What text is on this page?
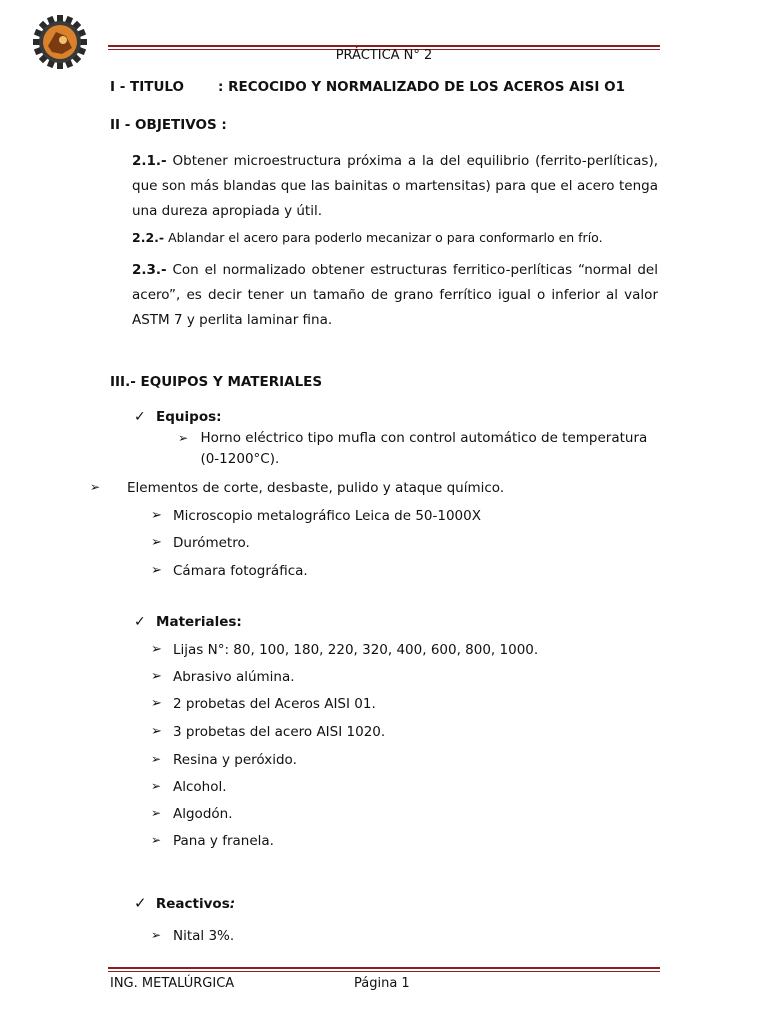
PRÁCTICA N° 2
I - TITULO	: RECOCIDO Y NORMALIZADO DE LOS ACEROS AISI O1
II - OBJETIVOS :
2.1.- Obtener microestructura próxima a la del equilibrio (ferrito-perlíticas), que son más blandas que las bainitas o martensitas) para que el acero tenga una dureza apropiada y útil.
2.2.- Ablandar el acero para poderlo mecanizar o para conformarlo en frío.
2.3.- Con el normalizado obtener estructuras ferritico-perlíticas “normal del acero”, es decir tener un tamaño de grano ferrítico igual o inferior al valor ASTM 7 y perlita laminar fina.
III.- EQUIPOS Y MATERIALES
✓ Equipos:
➢ Horno eléctrico tipo mufla con control automático de temperatura (0-1200°C).
➢	Elementos de corte, desbaste, pulido y ataque químico.
➢ Microscopio metalográfico Leica de 50-1000X
➢ Durómetro.
➢ Cámara fotográfica.
✓ Materiales:
➢ Lijas N°: 80, 100, 180, 220, 320, 400, 600, 800, 1000.
➢ Abrasivo alúmina.
➢ 2 probetas del Aceros AISI 01.
➢ 3 probetas del acero AISI 1020.
➢ Resina y peróxido.
➢ Alcohol.
➢ Algodón.
➢ Pana y franela.
✓ Reactivos:
➢ Nital 3%.
ING. METALÚRGICA	Página 1
